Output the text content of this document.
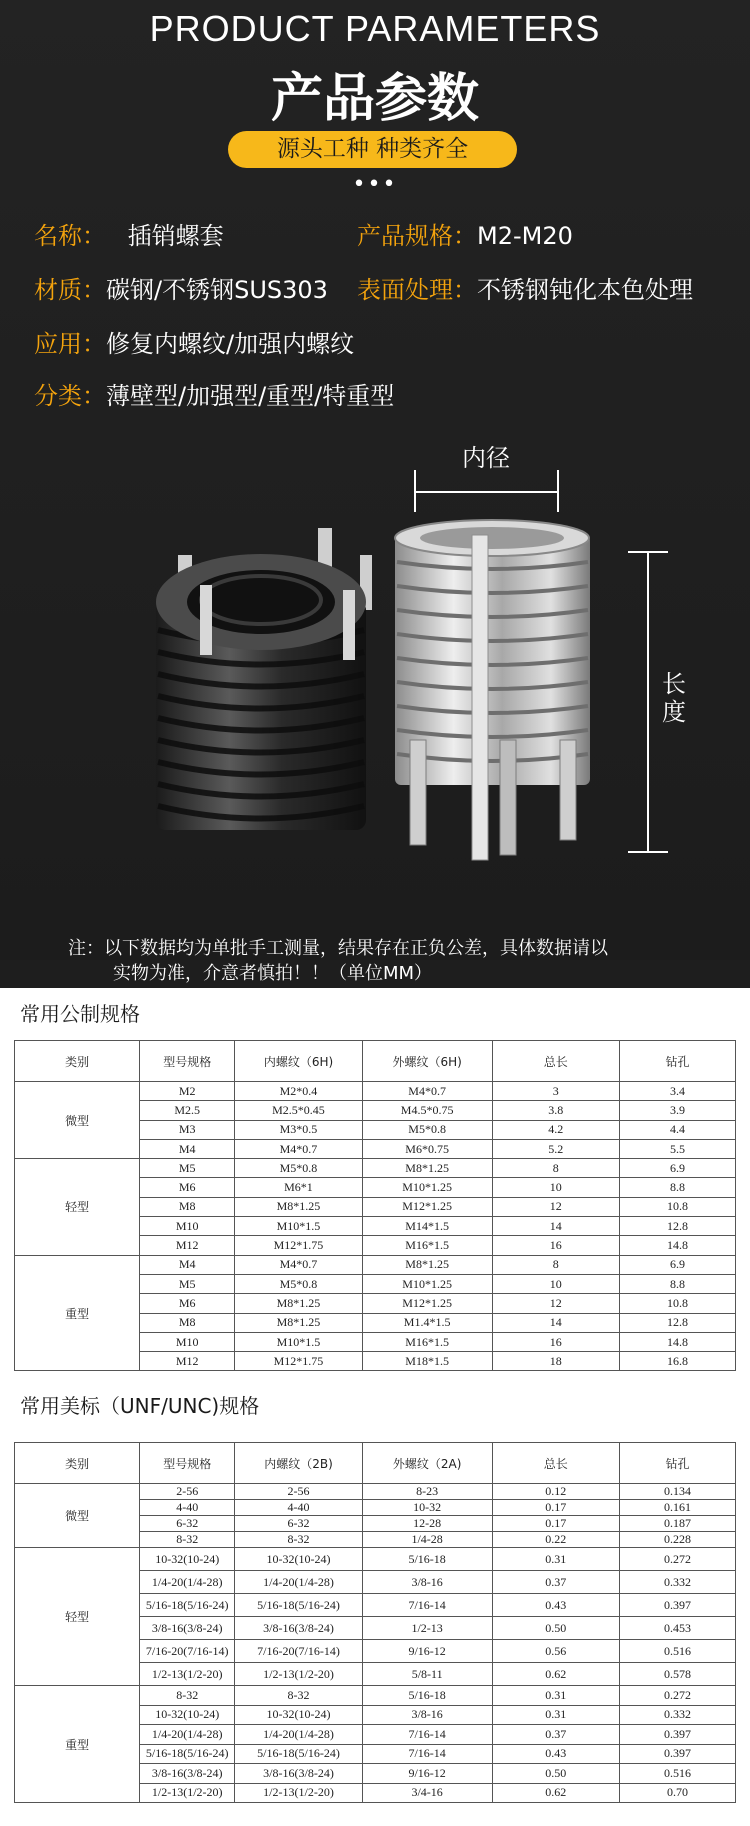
PRODUCT PARAMETERS
产品参数
源头工种 种类齐全
•••
名称： 插销螺套	产品规格：M2-M20
材质：碳钢/不锈钢SUS303 表面处理：不锈钢钝化本色处理
应用：修复内螺纹/加强内螺纹
分类：薄壁型/加强型/重型/特重型
内径
长度
注：以下数据均为单批手工测量，结果存在正负公差，具体数据请以
实物为准，介意者慎拍！！（单位MM）
常用公制规格
类别	型号规格	内螺纹（6H)	外螺纹（6H)	总长	钻孔
微型	M2	M2*0.4	M4*0.7	3	3.4
	M2.5	M2.5*0.45	M4.5*0.75	3.8	3.9
	M3	M3*0.5	M5*0.8	4.2	4.4
	M4	M4*0.7	M6*0.75	5.2	5.5
轻型	M5	M5*0.8	M8*1.25	8	6.9
	M6	M6*1	M10*1.25	10	8.8
	M8	M8*1.25	M12*1.25	12	10.8
	M10	M10*1.5	M14*1.5	14	12.8
	M12	M12*1.75	M16*1.5	16	14.8
重型	M4	M4*0.7	M8*1.25	8	6.9
	M5	M5*0.8	M10*1.25	10	8.8
	M6	M8*1.25	M12*1.25	12	10.8
	M8	M8*1.25	M1.4*1.5	14	12.8
	M10	M10*1.5	M16*1.5	16	14.8
	M12	M12*1.75	M18*1.5	18	16.8
常用美标（UNF/UNC)规格
类别	型号规格	内螺纹（2B)	外螺纹（2A)	总长	钻孔
微型	2-56	2-56	8-23	0.12	0.134
	4-40	4-40	10-32	0.17	0.161
	6-32	6-32	12-28	0.17	0.187
	8-32	8-32	1/4-28	0.22	0.228
轻型	10-32(10-24)	10-32(10-24)	5/16-18	0.31	0.272
	1/4-20(1/4-28)	1/4-20(1/4-28)	3/8-16	0.37	0.332
	5/16-18(5/16-24)	5/16-18(5/16-24)	7/16-14	0.43	0.397
	3/8-16(3/8-24)	3/8-16(3/8-24)	1/2-13	0.50	0.453
	7/16-20(7/16-14)	7/16-20(7/16-14)	9/16-12	0.56	0.516
	1/2-13(1/2-20)	1/2-13(1/2-20)	5/8-11	0.62	0.578
重型	8-32	8-32	5/16-18	0.31	0.272
	10-32(10-24)	10-32(10-24)	3/8-16	0.31	0.332
	1/4-20(1/4-28)	1/4-20(1/4-28)	7/16-14	0.37	0.397
	5/16-18(5/16-24)	5/16-18(5/16-24)	7/16-14	0.43	0.397
	3/8-16(3/8-24)	3/8-16(3/8-24)	9/16-12	0.50	0.516
	1/2-13(1/2-20)	1/2-13(1/2-20)	3/4-16	0.62	0.70
